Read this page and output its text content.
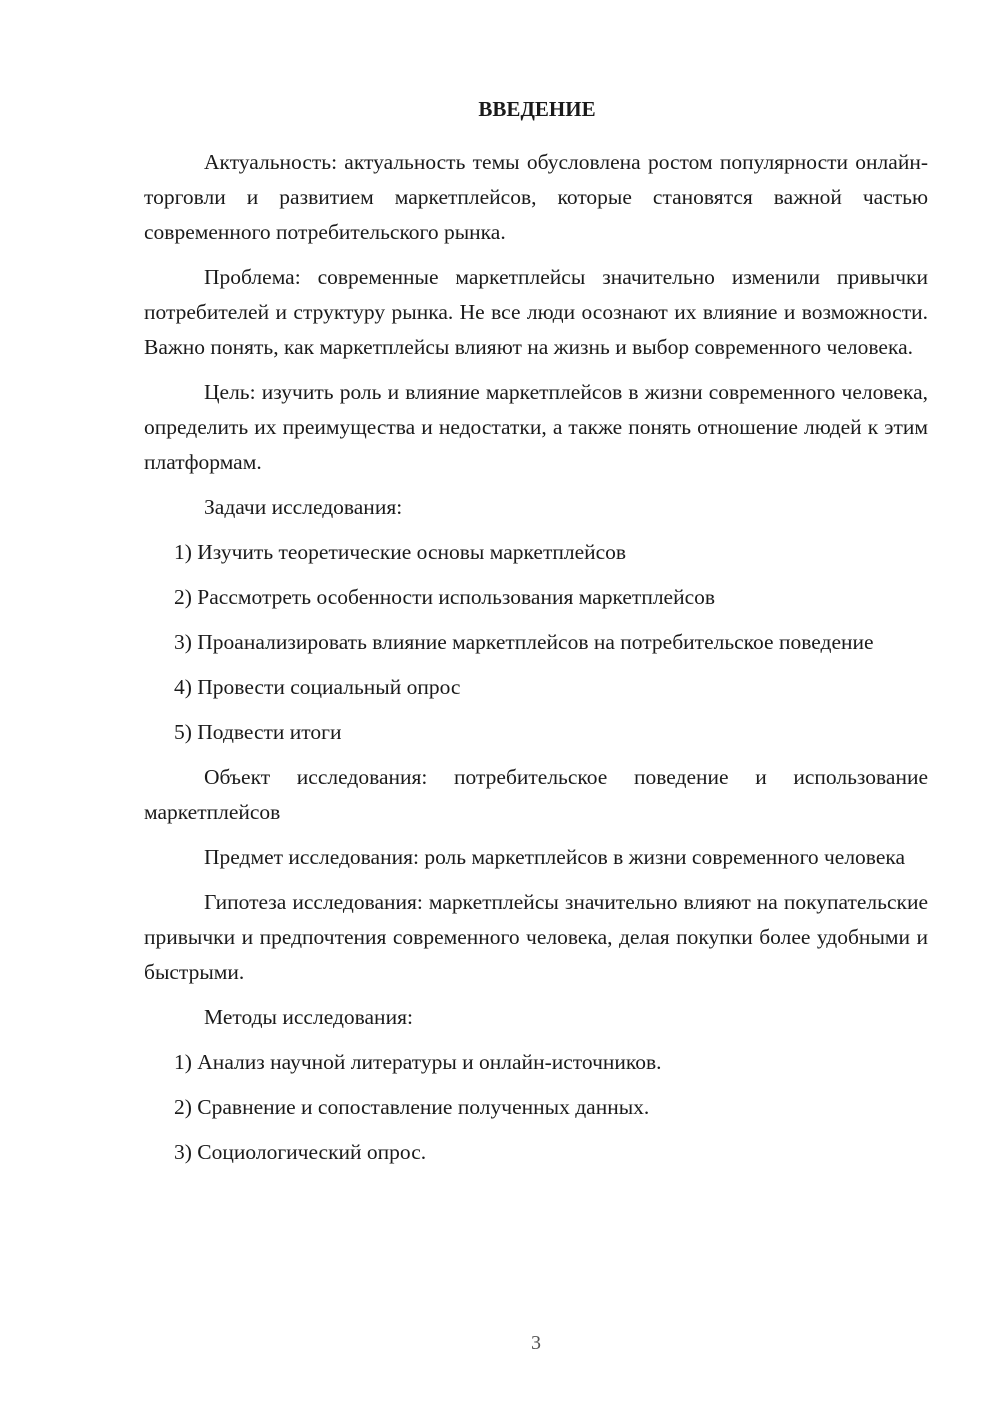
ВВЕДЕНИЕ

Актуальность: актуальность темы обусловлена ростом популярности онлайн-торговли и развитием маркетплейсов, которые становятся важной частью современного потребительского рынка.

Проблема: современные маркетплейсы значительно изменили привычки потребителей и структуру рынка. Не все люди осознают их влияние и возможности. Важно понять, как маркетплейсы влияют на жизнь и выбор современного человека.

Цель: изучить роль и влияние маркетплейсов в жизни современного человека, определить их преимущества и недостатки, а также понять отношение людей к этим платформам.

Задачи исследования:

1) Изучить теоретические основы маркетплейсов

2) Рассмотреть особенности использования маркетплейсов

3) Проанализировать влияние маркетплейсов на потребительское поведение

4) Провести социальный опрос

5) Подвести итоги

Объект исследования: потребительское поведение и использование маркетплейсов

Предмет исследования: роль маркетплейсов в жизни современного человека

Гипотеза исследования: маркетплейсы значительно влияют на покупательские привычки и предпочтения современного человека, делая покупки более удобными и быстрыми.

Методы исследования:

1) Анализ научной литературы и онлайн-источников.

2) Сравнение и сопоставление полученных данных.

3) Социологический опрос.

3
